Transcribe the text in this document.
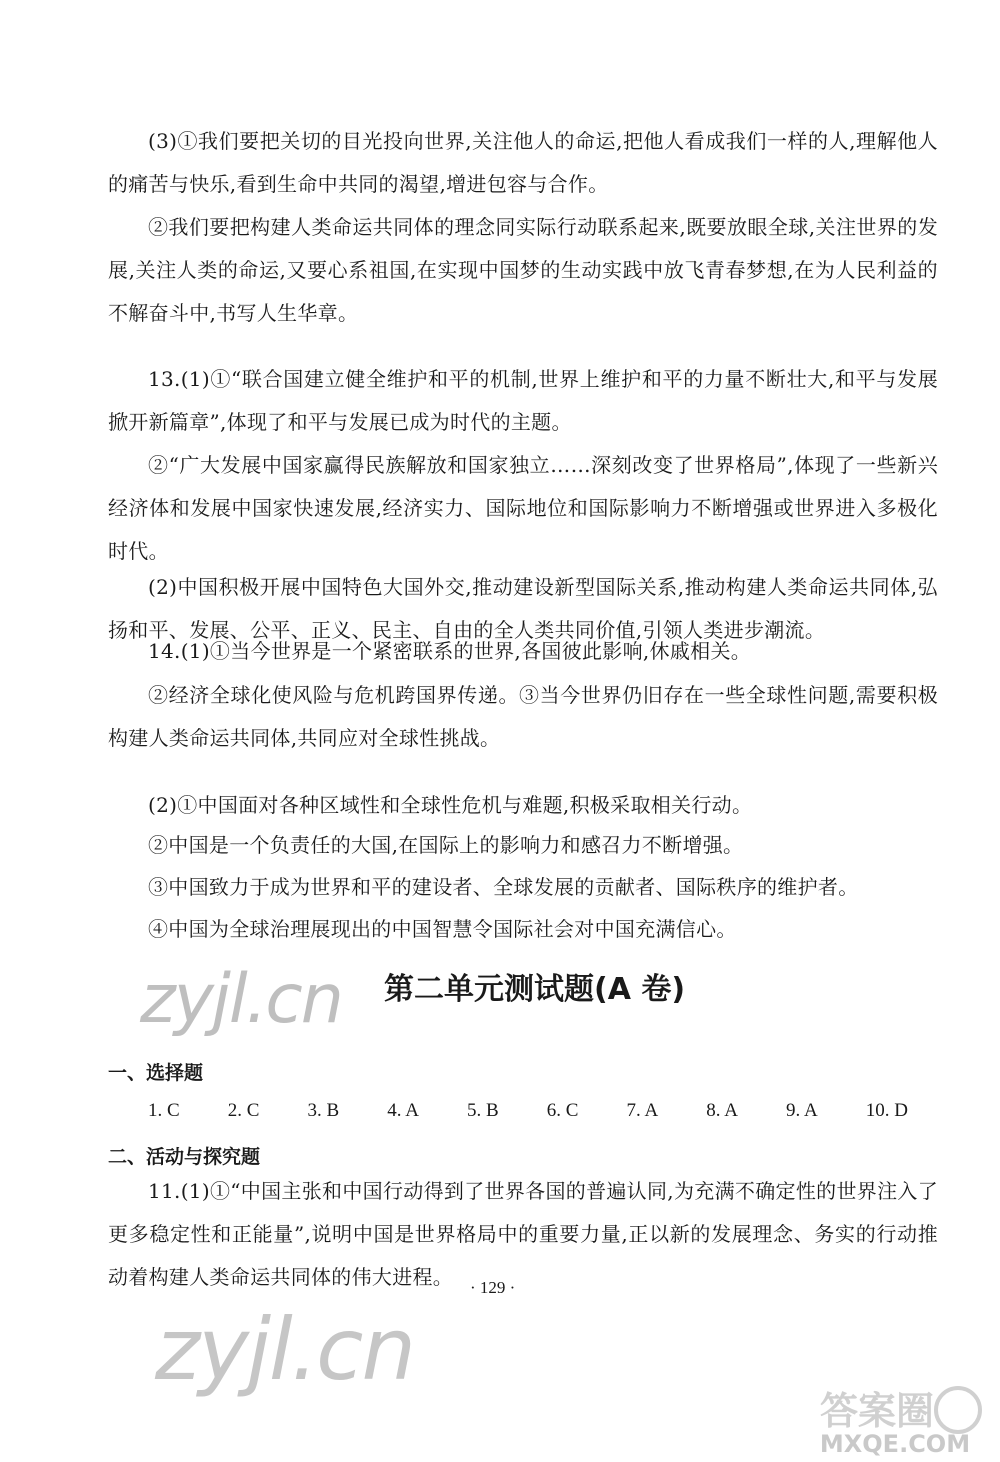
(3)①我们要把关切的目光投向世界,关注他人的命运,把他人看成我们一样的人,理解他人的痛苦与快乐,看到生命中共同的渴望,增进包容与合作。

②我们要把构建人类命运共同体的理念同实际行动联系起来,既要放眼全球,关注世界的发展,关注人类的命运,又要心系祖国,在实现中国梦的生动实践中放飞青春梦想,在为人民利益的不解奋斗中,书写人生华章。

13.(1)①“联合国建立健全维护和平的机制,世界上维护和平的力量不断壮大,和平与发展掀开新篇章”,体现了和平与发展已成为时代的主题。

②“广大发展中国家赢得民族解放和国家独立……深刻改变了世界格局”,体现了一些新兴经济体和发展中国家快速发展,经济实力、国际地位和国际影响力不断增强或世界进入多极化时代。

(2)中国积极开展中国特色大国外交,推动建设新型国际关系,推动构建人类命运共同体,弘扬和平、发展、公平、正义、民主、自由的全人类共同价值,引领人类进步潮流。

14.(1)①当今世界是一个紧密联系的世界,各国彼此影响,休戚相关。

②经济全球化使风险与危机跨国界传递。③当今世界仍旧存在一些全球性问题,需要积极构建人类命运共同体,共同应对全球性挑战。

(2)①中国面对各种区域性和全球性危机与难题,积极采取相关行动。

②中国是一个负责任的大国,在国际上的影响力和感召力不断增强。

③中国致力于成为世界和平的建设者、全球发展的贡献者、国际秩序的维护者。

④中国为全球治理展现出的中国智慧令国际社会对中国充满信心。

zyjl.cn 第二单元测试题(A 卷)

一、选择题

1. C	2. C	3. B	4. A	5. B	6. C	7. A	8. A	9. A	10. D

二、活动与探究题

11.(1)①“中国主张和中国行动得到了世界各国的普遍认同,为充满不确定性的世界注入了更多稳定性和正能量”,说明中国是世界格局中的重要力量,正以新的发展理念、务实的行动推动着构建人类命运共同体的伟大进程。 · 129 ·
zyjl.cn
答案圈
MXQE.COM
